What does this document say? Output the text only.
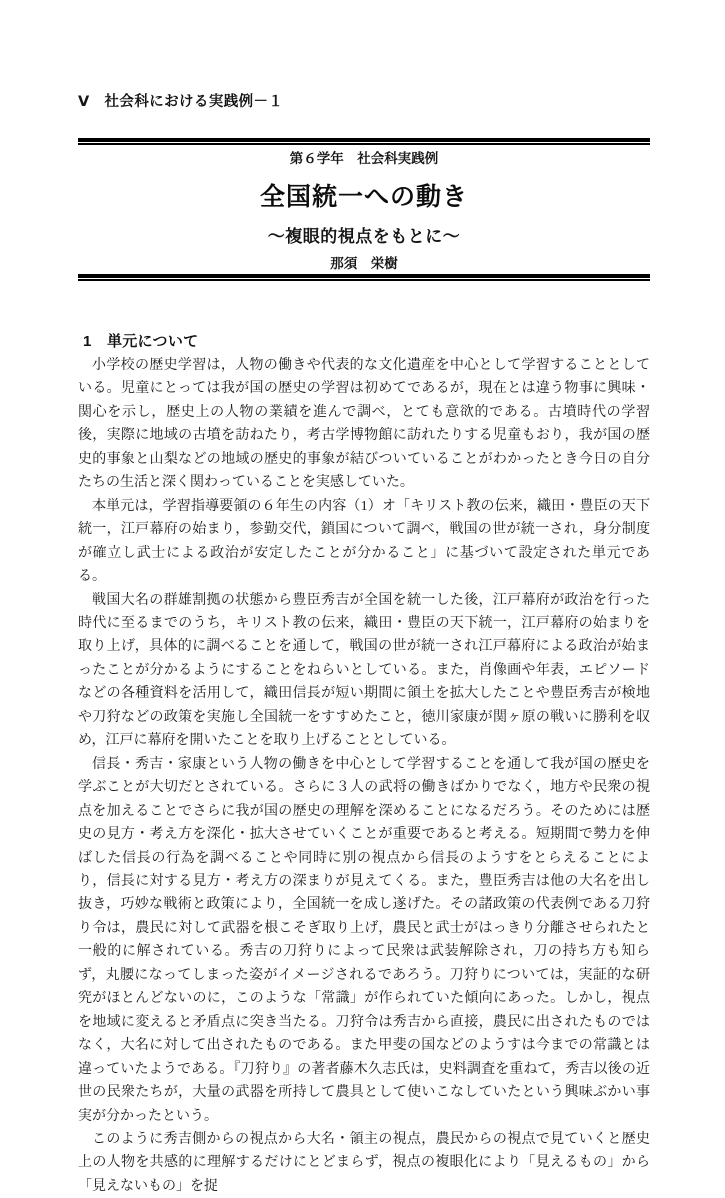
Ⅴ　社会科における実践例－１
第６学年　社会科実践例
全国統一への動き
～複眼的視点をもとに～
那須　栄樹
1　単元について

小学校の歴史学習は，人物の働きや代表的な文化遺産を中心として学習することとしている。児童にとっては我が国の歴史の学習は初めてであるが，現在とは違う物事に興味・関心を示し，歴史上の人物の業績を進んで調べ，とても意欲的である。古墳時代の学習後，実際に地域の古墳を訪ねたり，考古学博物館に訪れたりする児童もおり，我が国の歴史的事象と山梨などの地域の歴史的事象が結びついていることがわかったとき今日の自分たちの生活と深く関わっていることを実感していた。

本単元は，学習指導要領の６年生の内容（1）オ「キリスト教の伝来，織田・豊臣の天下統一，江戸幕府の始まり，参勤交代，鎖国について調べ，戦国の世が統一され，身分制度が確立し武士による政治が安定したことが分かること」に基づいて設定された単元である。

戦国大名の群雄割拠の状態から豊臣秀吉が全国を統一した後，江戸幕府が政治を行った時代に至るまでのうち，キリスト教の伝来，織田・豊臣の天下統一，江戸幕府の始まりを取り上げ，具体的に調べることを通して，戦国の世が統一され江戸幕府による政治が始まったことが分かるようにすることをねらいとしている。また，肖像画や年表，エピソードなどの各種資料を活用して，織田信長が短い期間に領土を拡大したことや豊臣秀吉が検地や刀狩などの政策を実施し全国統一をすすめたこと，徳川家康が関ヶ原の戦いに勝利を収め，江戸に幕府を開いたことを取り上げることとしている。

信長・秀吉・家康という人物の働きを中心として学習することを通して我が国の歴史を学ぶことが大切だとされている。さらに３人の武将の働きばかりでなく，地方や民衆の視点を加えることでさらに我が国の歴史の理解を深めることになるだろう。そのためには歴史の見方・考え方を深化・拡大させていくことが重要であると考える。短期間で勢力を伸ばした信長の行為を調べることや同時に別の視点から信長のようすをとらえることにより，信長に対する見方・考え方の深まりが見えてくる。また，豊臣秀吉は他の大名を出し抜き，巧妙な戦術と政策により，全国統一を成し遂げた。その諸政策の代表例である刀狩り令は，農民に対して武器を根こそぎ取り上げ，農民と武士がはっきり分離させられたと一般的に解されている。秀吉の刀狩りによって民衆は武装解除され，刀の持ち方も知らず，丸腰になってしまった姿がイメージされるであろう。刀狩りについては，実証的な研究がほとんどないのに，このような「常識」が作られていた傾向にあった。しかし，視点を地域に変えると矛盾点に突き当たる。刀狩令は秀吉から直接，農民に出されたものではなく，大名に対して出されたものである。また甲斐の国などのようすは今までの常識とは違っていたようである。『刀狩り』の著者藤木久志氏は，史料調査を重ねて，秀吉以後の近世の民衆たちが，大量の武器を所持して農具として使いこなしていたという興味ぶかい事実が分かったという。

このように秀吉側からの視点から大名・領主の視点，農民からの視点で見ていくと歴史上の人物を共感的に理解するだけにとどまらず，視点の複眼化により「見えるもの」から「見えないもの」を捉
